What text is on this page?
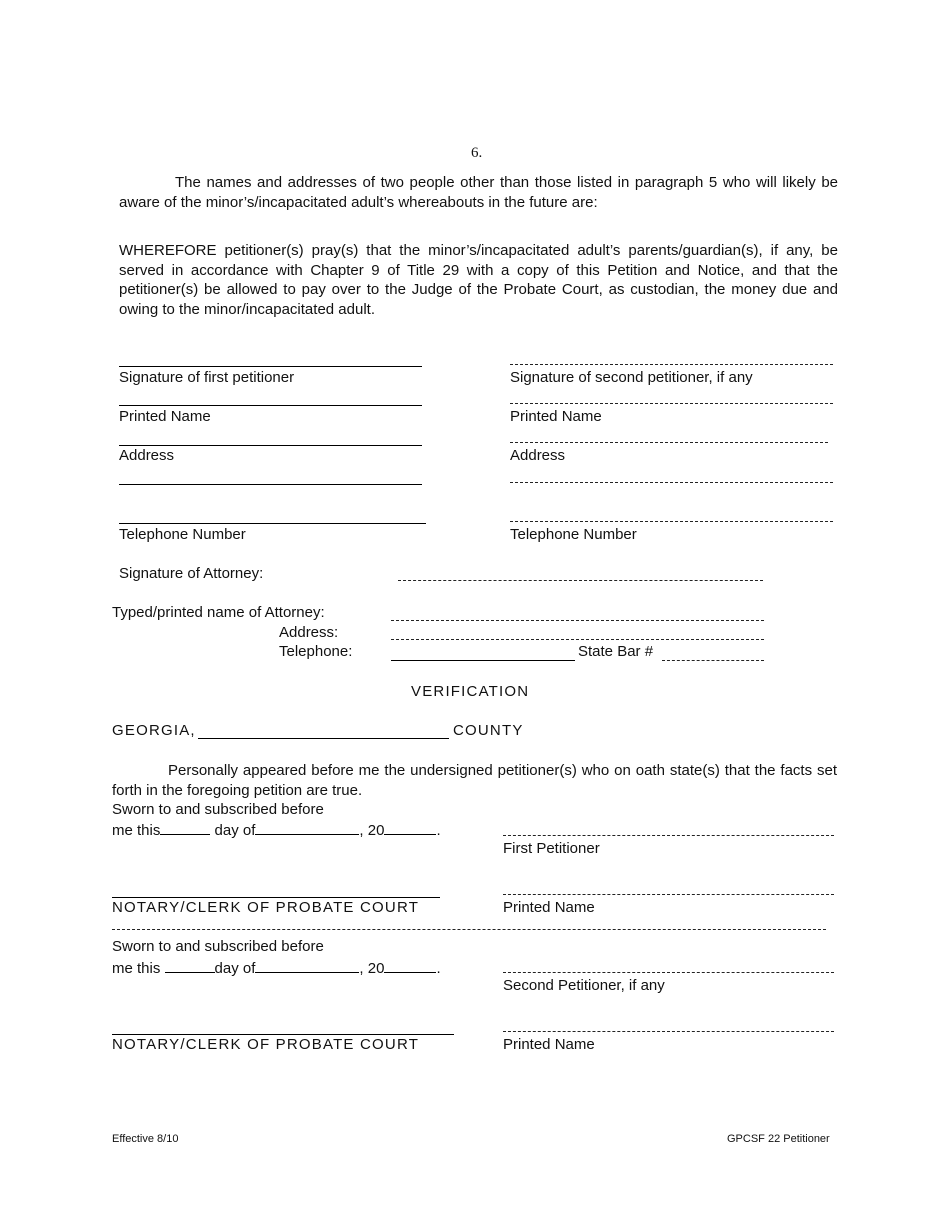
6.
The names and addresses of two people other than those listed in paragraph 5 who will likely be aware of the minor’s/incapacitated adult’s whereabouts in the future are:
WHEREFORE petitioner(s) pray(s) that the minor’s/incapacitated adult’s parents/guardian(s), if any, be served in accordance with Chapter 9 of Title 29 with a copy of this Petition and Notice, and that the petitioner(s) be allowed to pay over to the Judge of the Probate Court, as custodian, the money due and owing to the minor/incapacitated adult.
Signature of first petitioner
Printed Name
Address
Telephone Number
Signature of second petitioner, if any
Printed Name
Address
Telephone Number
Signature of Attorney:
Typed/printed name of Attorney:
Address:
Telephone:	State Bar #
VERIFICATION
GEORGIA,	COUNTY
Personally appeared before me the undersigned petitioner(s) who on oath state(s) that the facts set forth in the foregoing petition are true.
Sworn to and subscribed before
me this	day of	, 20	.
First Petitioner
NOTARY/CLERK OF PROBATE COURT	Printed Name
Sworn to and subscribed before
me this	day of	, 20	.
Second Petitioner, if any
NOTARY/CLERK OF PROBATE COURT	Printed Name
Effective 8/10	GPCSF 22 Petitioner
